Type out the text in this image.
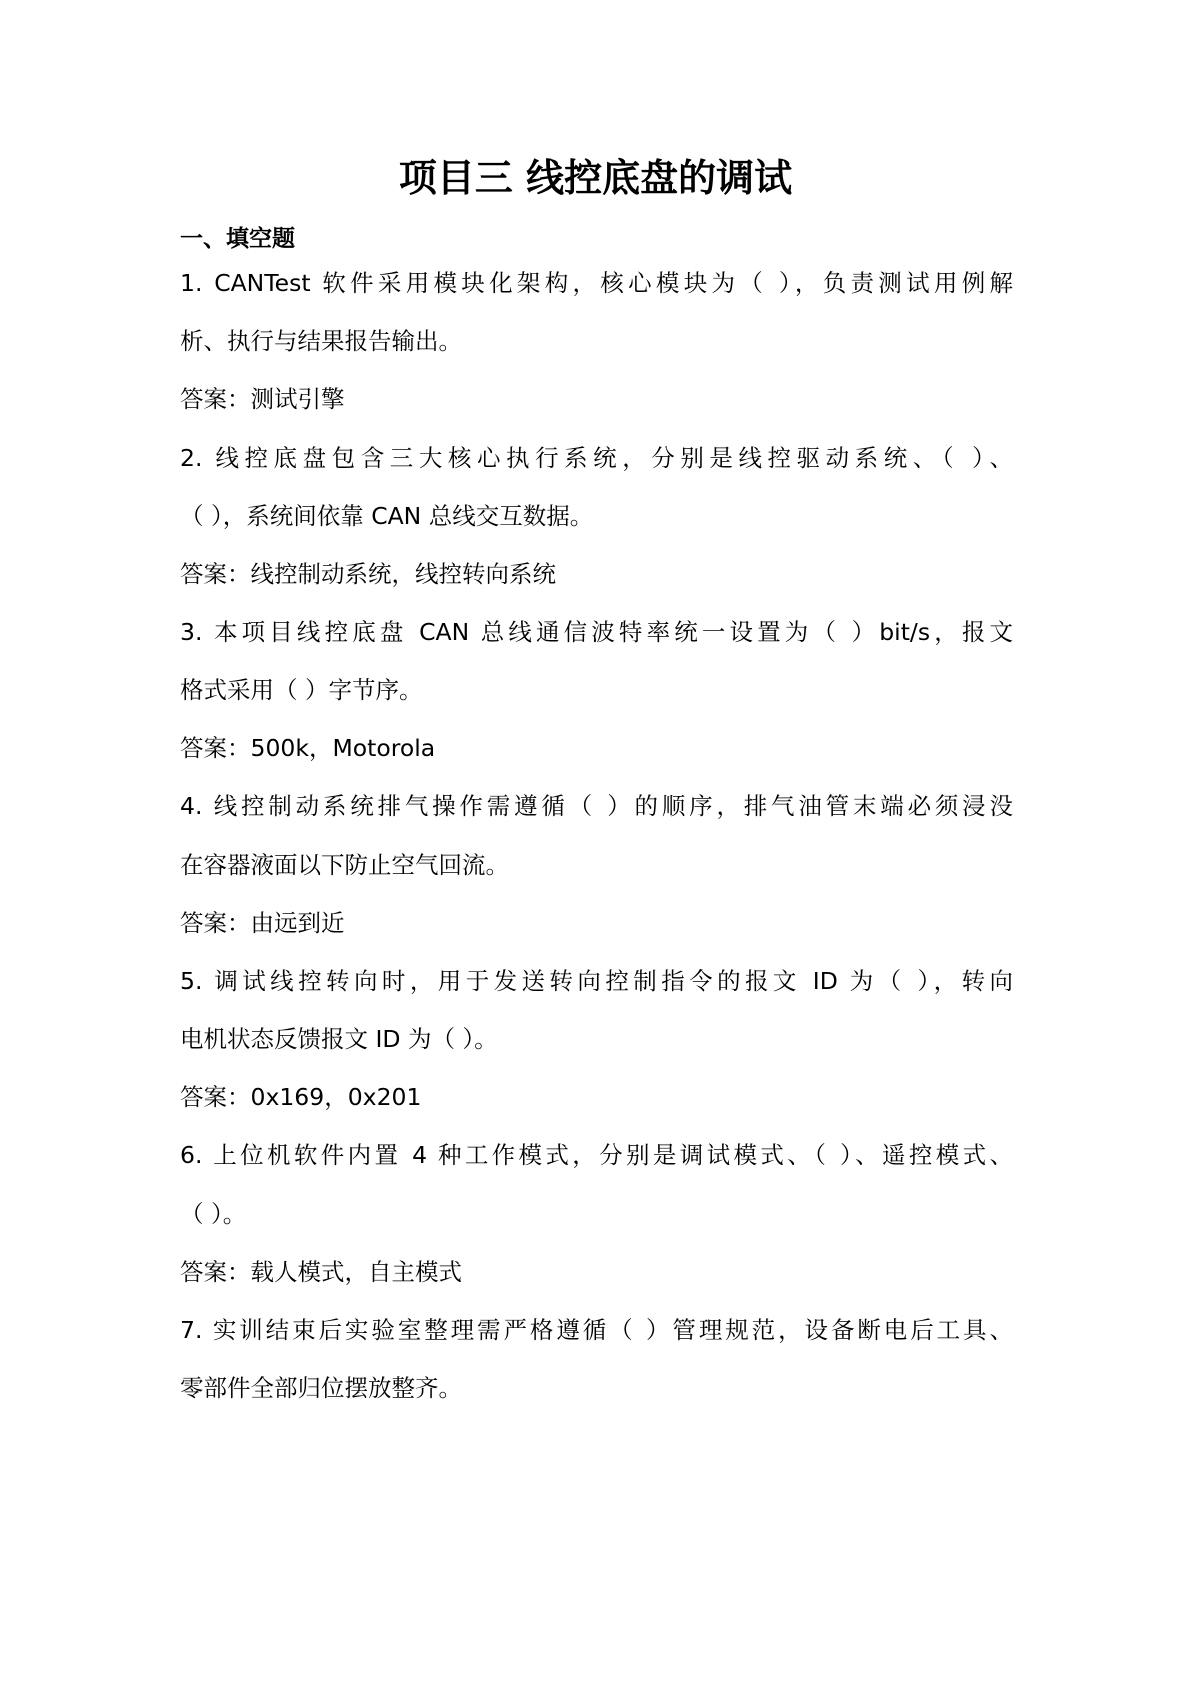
项目三 线控底盘的调试
一、填空题
1. CANTest 软件采用模块化架构，核心模块为（ ），负责测试用例解
析、执行与结果报告输出。
答案：测试引擎
2. 线控底盘包含三大核心执行系统，分别是线控驱动系统、（ ）、
（ ），系统间依靠 CAN 总线交互数据。
答案：线控制动系统，线控转向系统
3. 本项目线控底盘 CAN 总线通信波特率统一设置为（ ）bit/s，报文
格式采用（ ）字节序。
答案：500k，Motorola
4. 线控制动系统排气操作需遵循（ ）的顺序，排气油管末端必须浸没
在容器液面以下防止空气回流。
答案：由远到近
5. 调试线控转向时，用于发送转向控制指令的报文 ID 为（ ），转向
电机状态反馈报文 ID 为（ ）。
答案：0x169，0x201
6. 上位机软件内置 4 种工作模式，分别是调试模式、（ ）、遥控模式、
（ ）。
答案：载人模式，自主模式
7. 实训结束后实验室整理需严格遵循（ ）管理规范，设备断电后工具、
零部件全部归位摆放整齐。
